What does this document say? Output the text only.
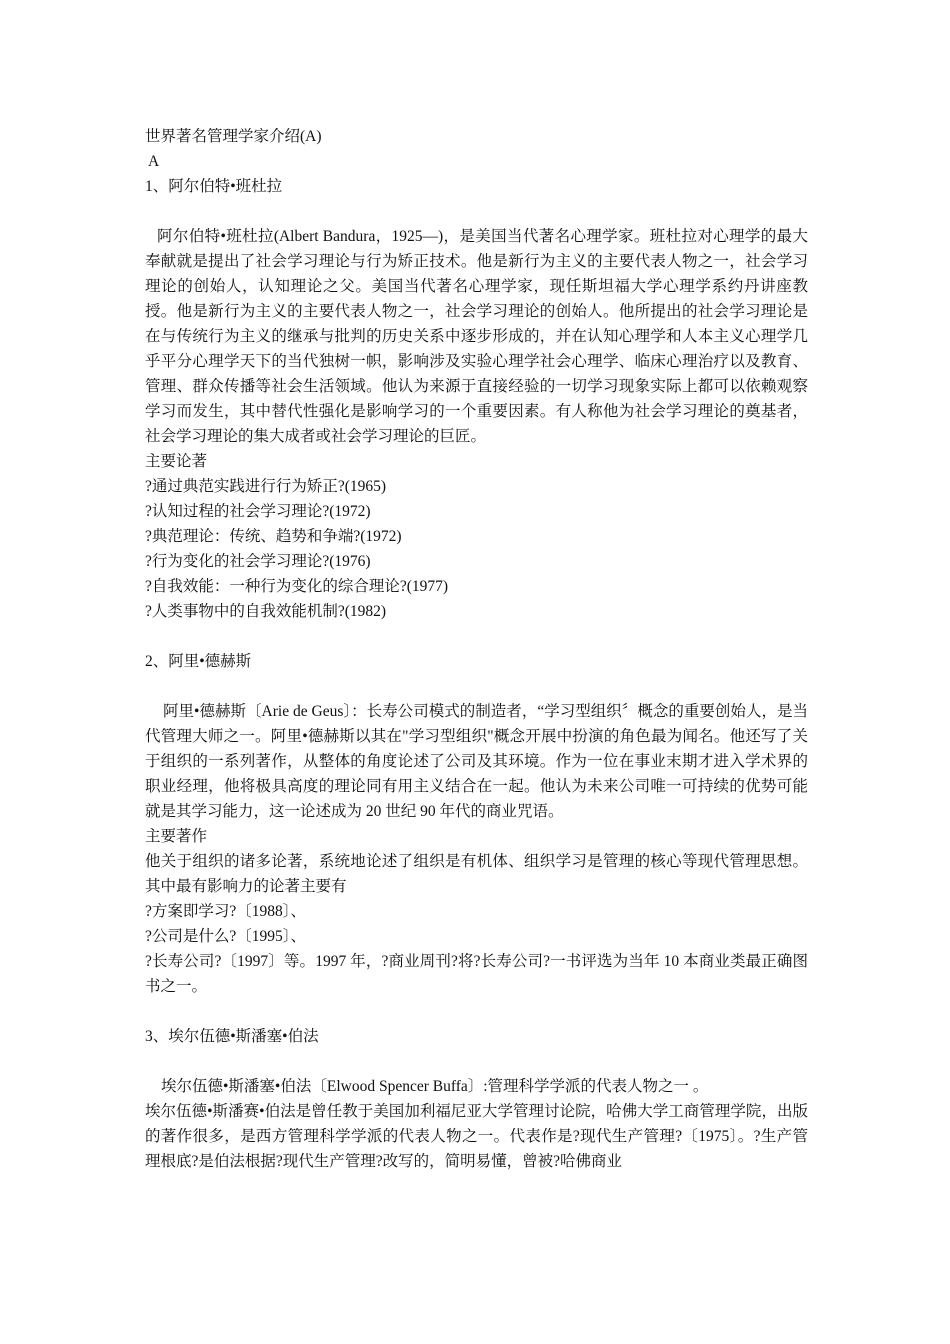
世界著名管理学家介绍(A)
A
1、阿尔伯特•班杜拉

阿尔伯特•班杜拉(Albert Bandura，1925—)，是美国当代著名心理学家。班杜拉对心理学的最大奉献就是提出了社会学习理论与行为矫正技术。他是新行为主义的主要代表人物之一，社会学习理论的创始人，认知理论之父。美国当代著名心理学家，现任斯坦福大学心理学系约丹讲座教授。他是新行为主义的主要代表人物之一，社会学习理论的创始人。他所提出的社会学习理论是在与传统行为主义的继承与批判的历史关系中逐步形成的，并在认知心理学和人本主义心理学几乎平分心理学天下的当代独树一帜，影响涉及实验心理学社会心理学、临床心理治疗以及教育、管理、群众传播等社会生活领域。他认为来源于直接经验的一切学习现象实际上都可以依赖观察学习而发生，其中替代性强化是影响学习的一个重要因素。有人称他为社会学习理论的奠基者，社会学习理论的集大成者或社会学习理论的巨匠。

主要论著
?通过典范实践进行行为矫正?(1965)
?认知过程的社会学习理论?(1972)
?典范理论：传统、趋势和争端?(1972)
?行为变化的社会学习理论?(1976)
?自我效能：一种行为变化的综合理论?(1977)
?人类事物中的自我效能机制?(1982)
2、阿里•德赫斯

阿里•德赫斯〔Arie de Geus〕：长寿公司模式的制造者，“学习型组织〞概念的重要创始人，是当代管理大师之一。阿里•德赫斯以其在"学习型组织"概念开展中扮演的角色最为闻名。他还写了关于组织的一系列著作，从整体的角度论述了公司及其环境。作为一位在事业末期才进入学术界的职业经理，他将极具高度的理论同有用主义结合在一起。他认为未来公司唯一可持续的优势可能就是其学习能力，这一论述成为 20 世纪 90 年代的商业咒语。

主要著作

他关于组织的诸多论著，系统地论述了组织是有机体、组织学习是管理的核心等现代管理思想。其中最有影响力的论著主要有

?方案即学习?〔1988〕、
?公司是什么?〔1995〕、

?长寿公司?〔1997〕等。1997 年，?商业周刊?将?长寿公司?一书评选为当年 10 本商业类最正确图书之一。

3、埃尔伍德•斯潘塞•伯法

埃尔伍德•斯潘塞•伯法〔Elwood Spencer Buffa〕:管理科学学派的代表人物之一 。

埃尔伍德•斯潘赛•伯法是曾任教于美国加利福尼亚大学管理讨论院，哈佛大学工商管理学院，出版的著作很多，是西方管理科学学派的代表人物之一。代表作是?现代生产管理?〔1975〕。?生产管理根底?是伯法根据?现代生产管理?改写的，简明易懂，曾被?哈佛商业
